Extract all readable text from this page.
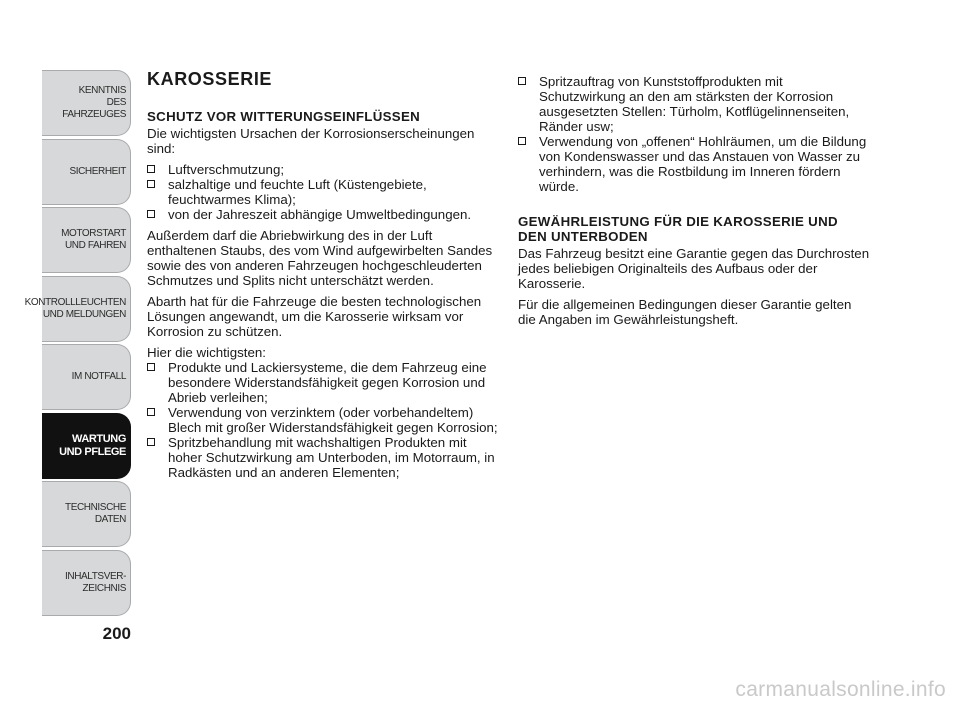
KENNTNIS
DES FAHRZEUGES
SICHERHEIT
MOTORSTART
UND FAHREN
KONTROLLLEUCHTEN
UND MELDUNGEN
IM NOTFALL
WARTUNG
UND PFLEGE
TECHNISCHE
DATEN
INHALTSVER-
ZEICHNIS
200
KAROSSERIE
SCHUTZ VOR WITTERUNGSEINFLÜSSEN

Die wichtigsten Ursachen der Korrosionserscheinungen sind:

Luftverschmutzung;
salzhaltige und feuchte Luft (Küstengebiete, feuchtwarmes Klima);
von der Jahreszeit abhängige Umweltbedingungen.

Außerdem darf die Abriebwirkung des in der Luft enthaltenen Staubs, des vom Wind aufgewirbelten Sandes sowie des von anderen Fahrzeugen hochgeschleuderten Schmutzes und Splits nicht unterschätzt werden.

Abarth hat für die Fahrzeuge die besten technologischen Lösungen angewandt, um die Karosserie wirksam vor Korrosion zu schützen.

Hier die wichtigsten:

Produkte und Lackiersysteme, die dem Fahrzeug eine besondere Widerstandsfähigkeit gegen Korrosion und Abrieb verleihen;
Verwendung von verzinktem (oder vorbehandeltem) Blech mit großer Widerstandsfähigkeit gegen Korrosion;
Spritzbehandlung mit wachshaltigen Produkten mit hoher Schutzwirkung am Unterboden, im Motorraum, in Radkästen und an anderen Elementen;
Spritzauftrag von Kunststoffprodukten mit Schutzwirkung an den am stärksten der Korrosion ausgesetzten Stellen: Türholm, Kotflügelinnenseiten, Ränder usw;
Verwendung von „offenen“ Hohlräumen, um die Bildung von Kondenswasser und das Anstauen von Wasser zu verhindern, was die Rostbildung im Inneren fördern würde.
GEWÄHRLEISTUNG FÜR DIE KAROSSERIE UND DEN UNTERBODEN

Das Fahrzeug besitzt eine Garantie gegen das Durchrosten jedes beliebigen Originalteils des Aufbaus oder der Karosserie.

Für die allgemeinen Bedingungen dieser Garantie gelten die Angaben im Gewährleistungsheft.

carmanualsonline.info
